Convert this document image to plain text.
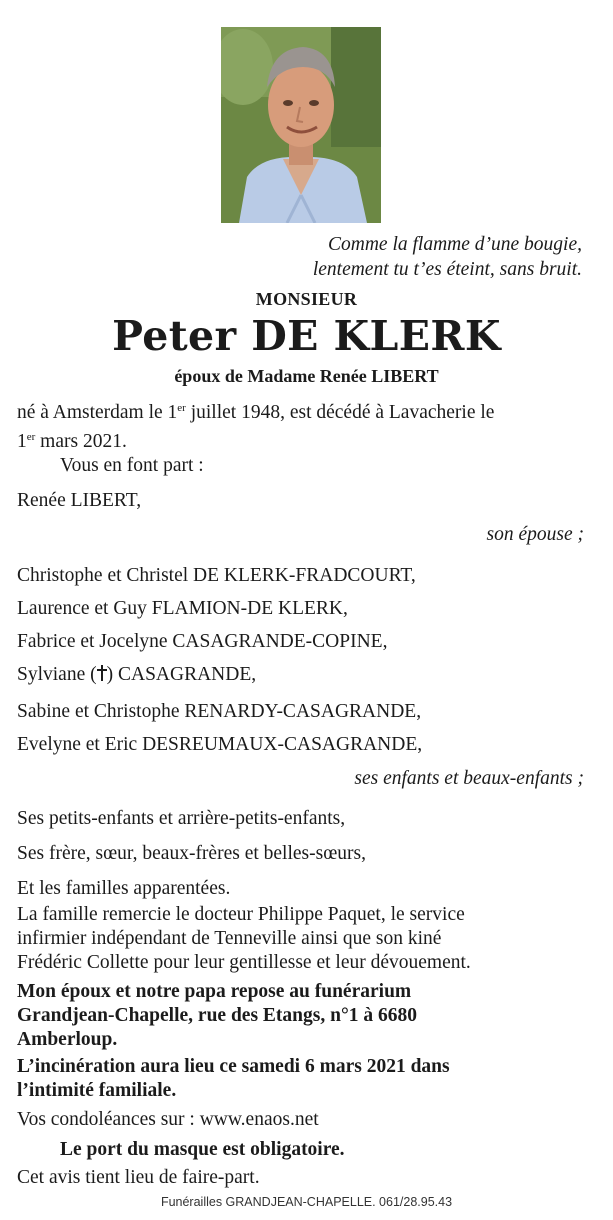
Comme la flamme d’une bougie,
lentement tu t’es éteint, sans bruit.
MONSIEUR
Peter DE KLERK
époux de Madame Renée LIBERT
né à Amsterdam le 1er juillet 1948, est décédé à Lavacherie le
1er mars 2021.
Vous en font part :
Renée LIBERT,
son épouse ;
Christophe et Christel DE KLERK-FRADCOURT,
Laurence et Guy FLAMION-DE KLERK,
Fabrice et Jocelyne CASAGRANDE-COPINE,
Sylviane ( ) CASAGRANDE,
Sabine et Christophe RENARDY-CASAGRANDE,
Evelyne et Eric DESREUMAUX-CASAGRANDE,
ses enfants et beaux-enfants ;
Ses petits-enfants et arrière-petits-enfants,
Ses frère, sœur, beaux-frères et belles-sœurs,
Et les familles apparentées.
La famille remercie le docteur Philippe Paquet, le service
infirmier indépendant de Tenneville ainsi que son kiné
Frédéric Collette pour leur gentillesse et leur dévouement.
Mon époux et notre papa repose au funérarium
Grandjean-Chapelle, rue des Etangs, n°1 à 6680
Amberloup.
L’incinération aura lieu ce samedi 6 mars 2021 dans
l’intimité familiale.
Vos condoléances sur : www.enaos.net
Le port du masque est obligatoire.
Cet avis tient lieu de faire-part.
Funérailles GRANDJEAN-CHAPELLE. 061/28.95.43
